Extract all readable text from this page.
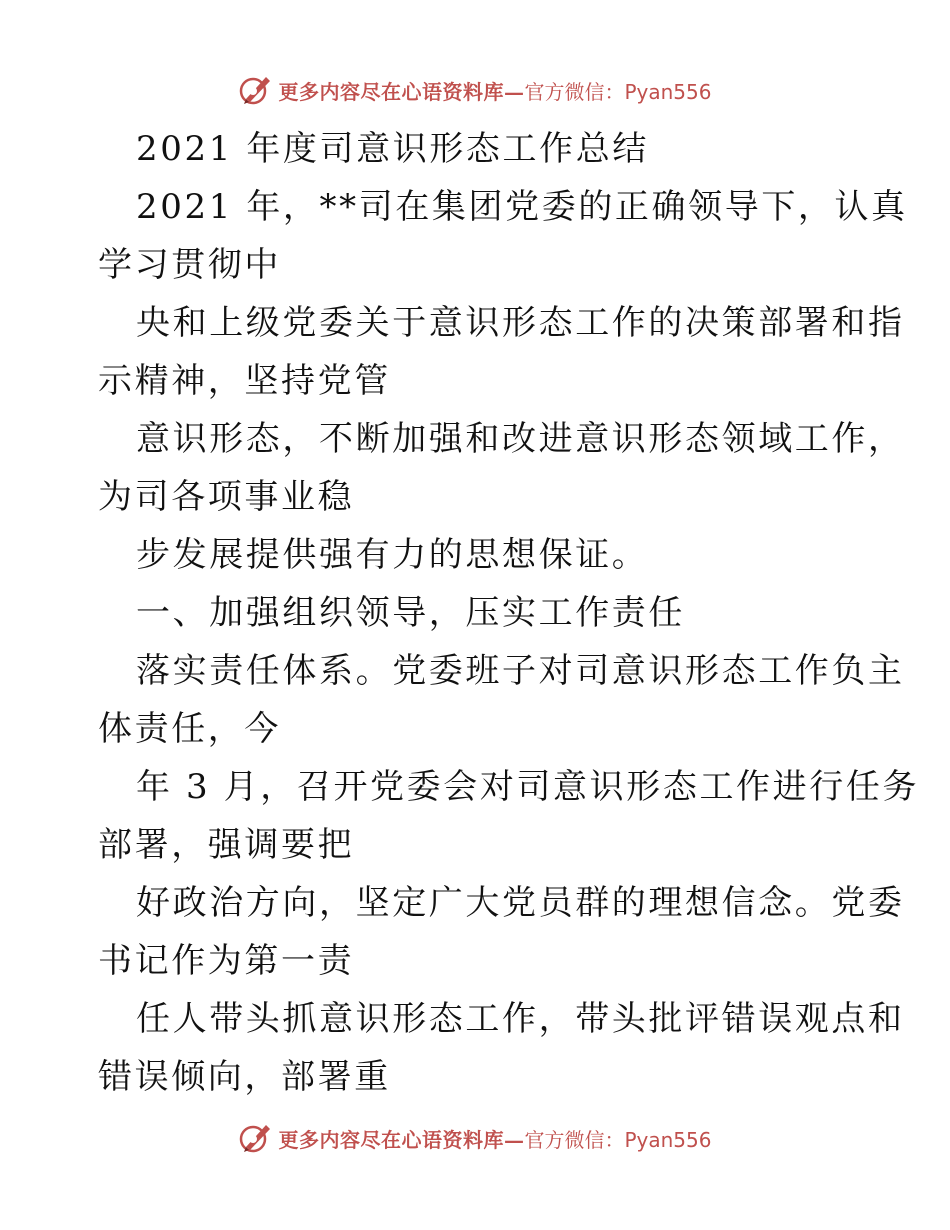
更多内容尽在心语资料库— 官方微信：Pyan556
2021 年度司意识形态工作总结
2021 年，**司在集团党委的正确领导下，认真
学习贯彻中
央和上级党委关于意识形态工作的决策部署和指
示精神，坚持党管
意识形态，不断加强和改进意识形态领域工作，
为司各项事业稳
步发展提供强有力的思想保证。
一、加强组织领导，压实工作责任
落实责任体系。党委班子对司意识形态工作负主
体责任，今
年 3 月，召开党委会对司意识形态工作进行任务
部署，强调要把
好政治方向，坚定广大党员群的理想信念。党委
书记作为第一责
任人带头抓意识形态工作，带头批评错误观点和
错误倾向，部署重
更多内容尽在心语资料库— 官方微信：Pyan556
